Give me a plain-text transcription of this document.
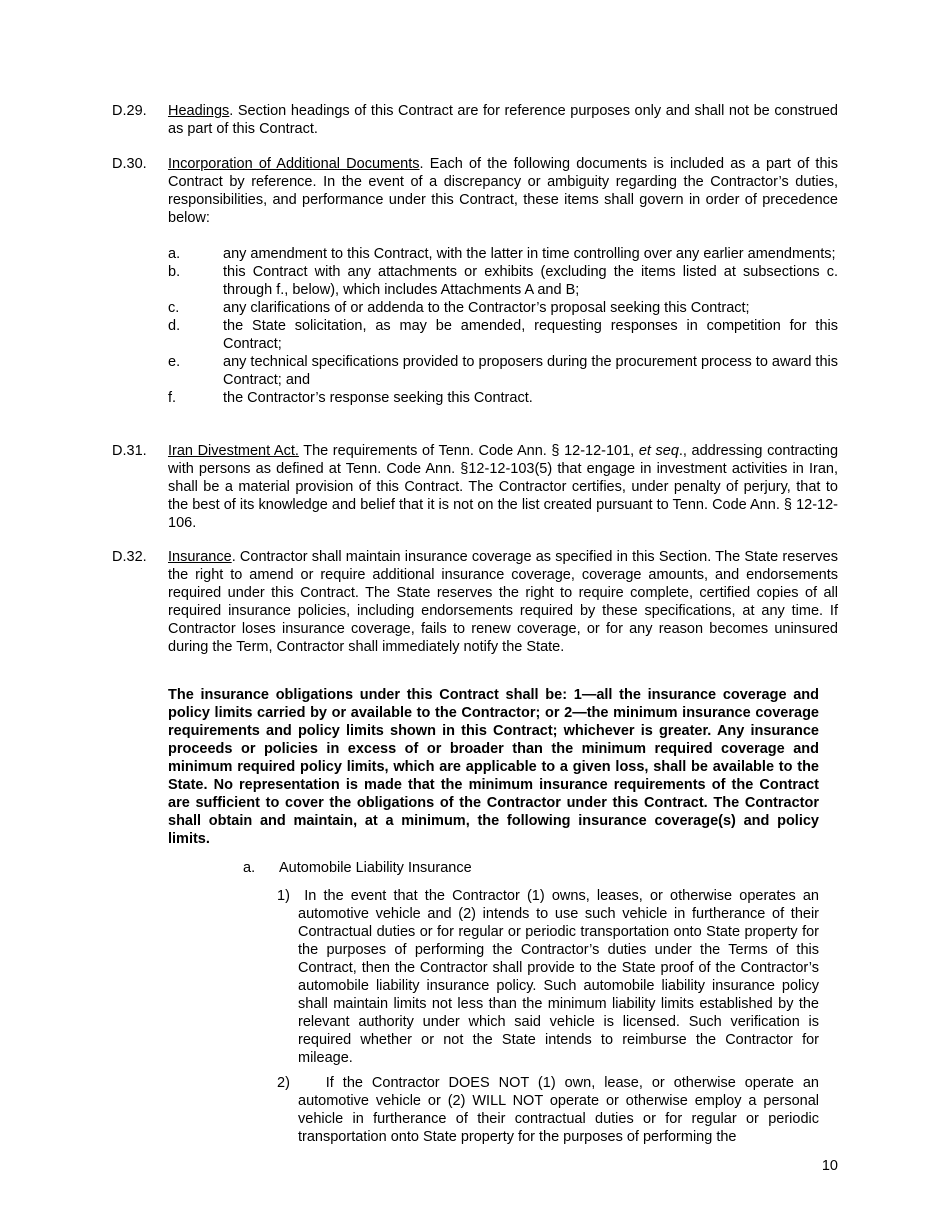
D.29. Headings. Section headings of this Contract are for reference purposes only and shall not be construed as part of this Contract.
D.30. Incorporation of Additional Documents. Each of the following documents is included as a part of this Contract by reference. In the event of a discrepancy or ambiguity regarding the Contractor’s duties, responsibilities, and performance under this Contract, these items shall govern in order of precedence below:
a.	any amendment to this Contract, with the latter in time controlling over any earlier amendments;
b.	this Contract with any attachments or exhibits (excluding the items listed at subsections c. through f., below), which includes Attachments A and B;
c.	any clarifications of or addenda to the Contractor’s proposal seeking this Contract;
d.	the State solicitation, as may be amended, requesting responses in competition for this Contract;
e.	any technical specifications provided to proposers during the procurement process to award this Contract; and
f.	the Contractor’s response seeking this Contract.
D.31. Iran Divestment Act. The requirements of Tenn. Code Ann. § 12-12-101, et seq., addressing contracting with persons as defined at Tenn. Code Ann. §12-12-103(5) that engage in investment activities in Iran, shall be a material provision of this Contract. The Contractor certifies, under penalty of perjury, that to the best of its knowledge and belief that it is not on the list created pursuant to Tenn. Code Ann. § 12-12-106.
D.32. Insurance. Contractor shall maintain insurance coverage as specified in this Section. The State reserves the right to amend or require additional insurance coverage, coverage amounts, and endorsements required under this Contract. The State reserves the right to require complete, certified copies of all required insurance policies, including endorsements required by these specifications, at any time. If Contractor loses insurance coverage, fails to renew coverage, or for any reason becomes uninsured during the Term, Contractor shall immediately notify the State.
The insurance obligations under this Contract shall be: 1—all the insurance coverage and policy limits carried by or available to the Contractor; or 2—the minimum insurance coverage requirements and policy limits shown in this Contract; whichever is greater. Any insurance proceeds or policies in excess of or broader than the minimum required coverage and minimum required policy limits, which are applicable to a given loss, shall be available to the State. No representation is made that the minimum insurance requirements of the Contract are sufficient to cover the obligations of the Contractor under this Contract. The Contractor shall obtain and maintain, at a minimum, the following insurance coverage(s) and policy limits.
a. Automobile Liability Insurance
1) In the event that the Contractor (1) owns, leases, or otherwise operates an automotive vehicle and (2) intends to use such vehicle in furtherance of their Contractual duties or for regular or periodic transportation onto State property for the purposes of performing the Contractor’s duties under the Terms of this Contract, then the Contractor shall provide to the State proof of the Contractor’s automobile liability insurance policy. Such automobile liability insurance policy shall maintain limits not less than the minimum liability limits established by the relevant authority under which said vehicle is licensed. Such verification is required whether or not the State intends to reimburse the Contractor for mileage.
2) If the Contractor DOES NOT (1) own, lease, or otherwise operate an automotive vehicle or (2) WILL NOT operate or otherwise employ a personal vehicle in furtherance of their contractual duties or for regular or periodic transportation onto State property for the purposes of performing the
10
